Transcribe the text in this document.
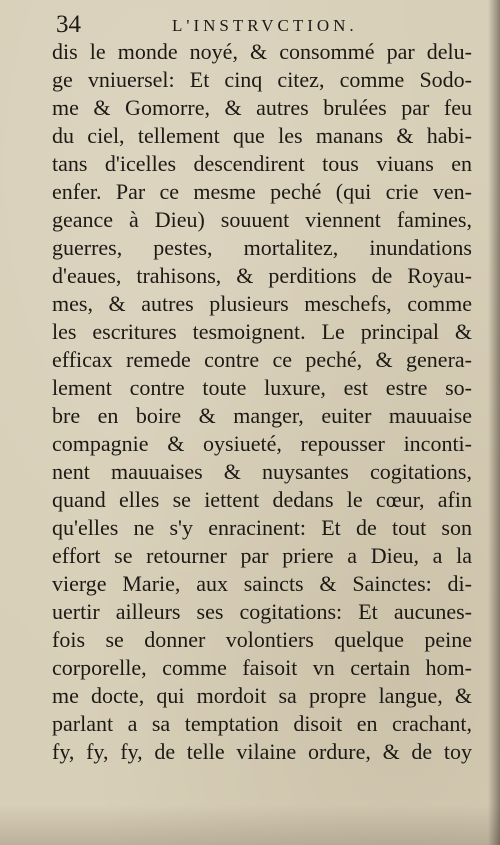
34	L'INSTRVCTION.
dis le monde noyé, & consommé par delu-
ge vniuersel: Et cinq citez, comme Sodo-
me & Gomorre, & autres brulées par feu
du ciel, tellement que les manans & habi-
tans d'icelles descendirent tous viuans en
enfer. Par ce mesme peché (qui crie ven-
geance à Dieu) souuent viennent famines,
guerres, pestes, mortalitez, inundations
d'eaues, trahisons, & perditions de Royau-
mes, & autres plusieurs meschefs, comme
les escritures tesmoignent. Le principal &
efficax remede contre ce peché, & genera-
lement contre toute luxure, est estre so-
bre en boire & manger, euiter mauuaise
compagnie & oysiueté, repousser inconti-
nent mauuaises & nuysantes cogitations,
quand elles se iettent dedans le cœur, afin
qu'elles ne s'y enracinent: Et de tout son
effort se retourner par priere a Dieu, a la
vierge Marie, aux saincts & Sainctes: di-
uertir ailleurs ses cogitations: Et aucunes-
fois se donner volontiers quelque peine
corporelle, comme faisoit vn certain hom-
me docte, qui mordoit sa propre langue, &
parlant a sa temptation disoit en crachant,
fy, fy, fy, de telle vilaine ordure, & de toy
